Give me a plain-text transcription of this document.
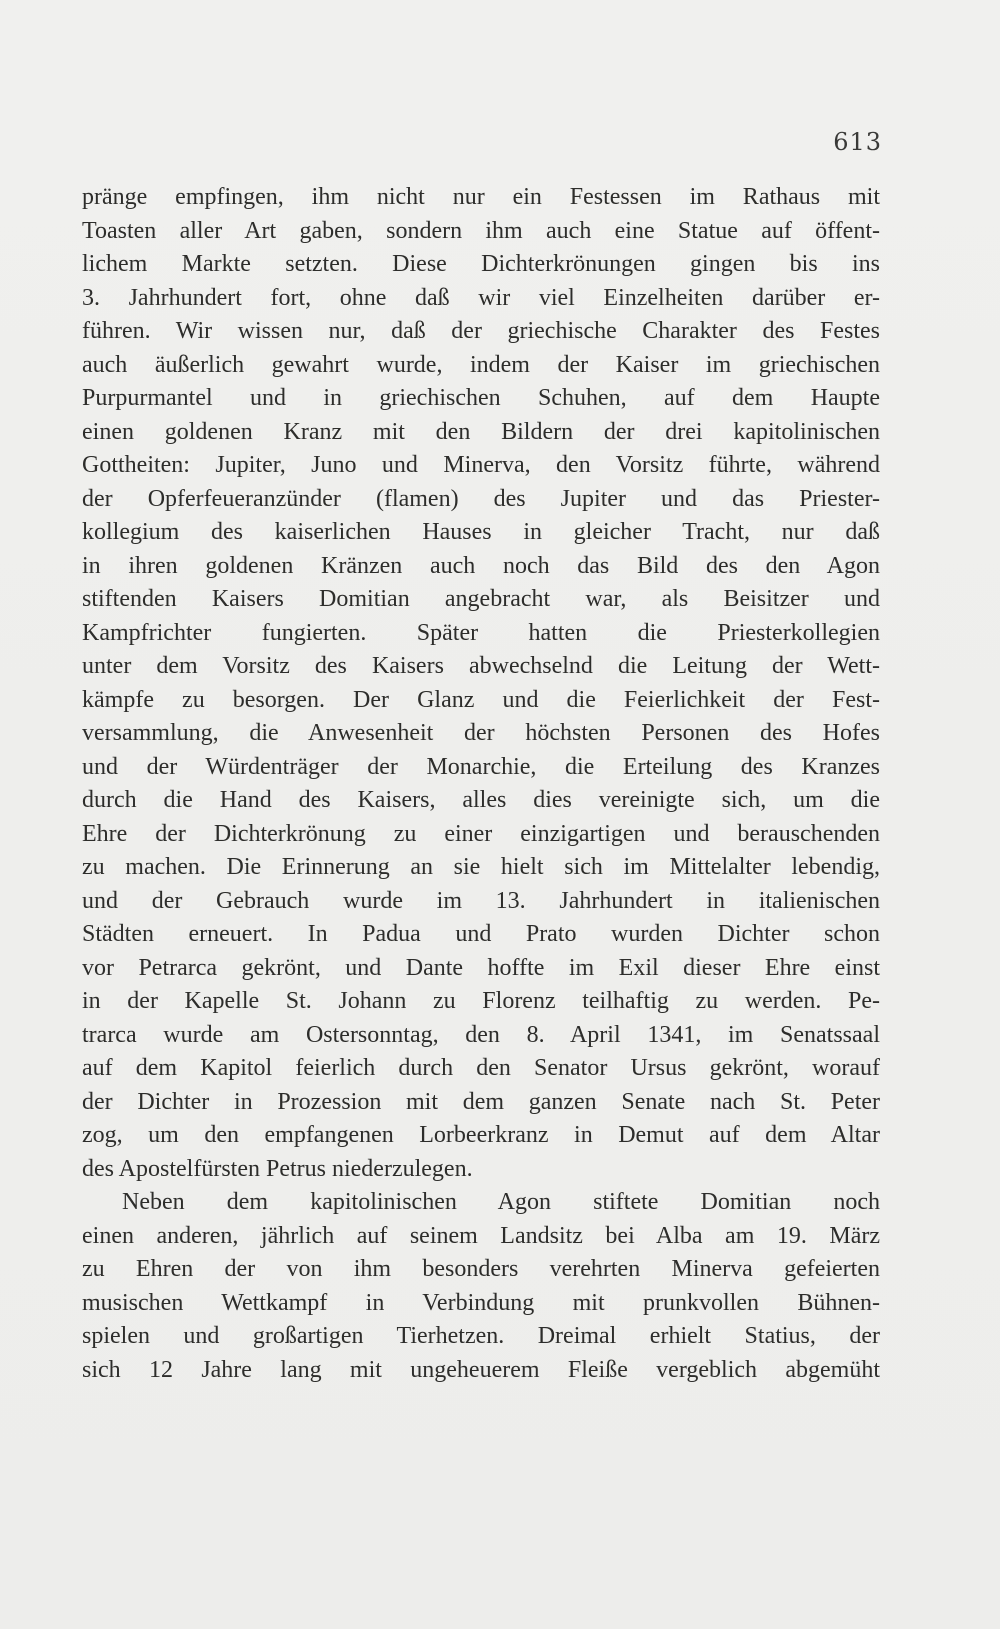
613
pränge empfingen, ihm nicht nur ein Festessen im Rathaus mit
Toasten aller Art gaben, sondern ihm auch eine Statue auf öffent-
lichem Markte setzten. Diese Dichterkrönungen gingen bis ins
3. Jahrhundert fort, ohne daß wir viel Einzelheiten darüber er-
führen. Wir wissen nur, daß der griechische Charakter des Festes
auch äußerlich gewahrt wurde, indem der Kaiser im griechischen
Purpurmantel und in griechischen Schuhen, auf dem Haupte
einen goldenen Kranz mit den Bildern der drei kapitolinischen
Gottheiten: Jupiter, Juno und Minerva, den Vorsitz führte, während
der Opferfeueranzünder (flamen) des Jupiter und das Priester-
kollegium des kaiserlichen Hauses in gleicher Tracht, nur daß
in ihren goldenen Kränzen auch noch das Bild des den Agon
stiftenden Kaisers Domitian angebracht war, als Beisitzer und
Kampfrichter fungierten. Später hatten die Priesterkollegien
unter dem Vorsitz des Kaisers abwechselnd die Leitung der Wett-
kämpfe zu besorgen. Der Glanz und die Feierlichkeit der Fest-
versammlung, die Anwesenheit der höchsten Personen des Hofes
und der Würdenträger der Monarchie, die Erteilung des Kranzes
durch die Hand des Kaisers, alles dies vereinigte sich, um die
Ehre der Dichterkrönung zu einer einzigartigen und berauschenden
zu machen. Die Erinnerung an sie hielt sich im Mittelalter lebendig,
und der Gebrauch wurde im 13. Jahrhundert in italienischen
Städten erneuert. In Padua und Prato wurden Dichter schon
vor Petrarca gekrönt, und Dante hoffte im Exil dieser Ehre einst
in der Kapelle St. Johann zu Florenz teilhaftig zu werden. Pe-
trarca wurde am Ostersonntag, den 8. April 1341, im Senatssaal
auf dem Kapitol feierlich durch den Senator Ursus gekrönt, worauf
der Dichter in Prozession mit dem ganzen Senate nach St. Peter
zog, um den empfangenen Lorbeerkranz in Demut auf dem Altar
des Apostelfürsten Petrus niederzulegen.
Neben dem kapitolinischen Agon stiftete Domitian noch
einen anderen, jährlich auf seinem Landsitz bei Alba am 19. März
zu Ehren der von ihm besonders verehrten Minerva gefeierten
musischen Wettkampf in Verbindung mit prunkvollen Bühnen-
spielen und großartigen Tierhetzen. Dreimal erhielt Statius, der
sich 12 Jahre lang mit ungeheuerem Fleiße vergeblich abgemüht
